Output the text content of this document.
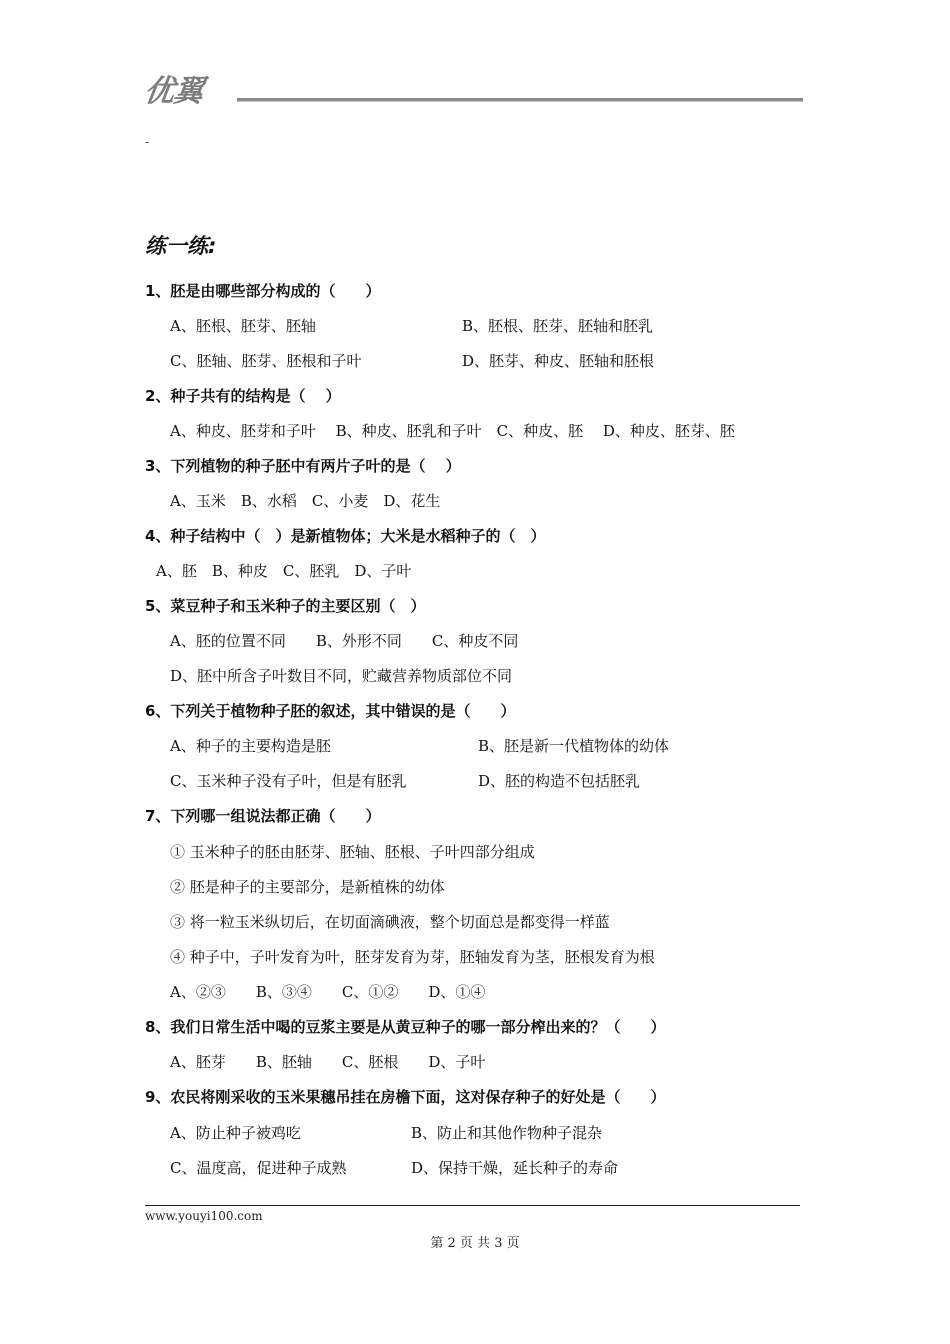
优翼
-
练一练:
1、胚是由哪些部分构成的（　　）
A、胚根、胚芽、胚轴	B、胚根、胚芽、胚轴和胚乳
C、胚轴、胚芽、胚根和子叶	D、胚芽、种皮、胚轴和胚根
2、种子共有的结构是（　 ）
A、种皮、胚芽和子叶　 B、种皮、胚乳和子叶　C、种皮、胚　 D、种皮、胚芽、胚
3、下列植物的种子胚中有两片子叶的是（　 ）
A、玉米　B、水稻　C、小麦　D、花生
4、种子结构中（　）是新植物体；大米是水稻种子的（　）
A、胚　B、种皮　C、胚乳　D、子叶
5、菜豆种子和玉米种子的主要区别（　）
A、胚的位置不同　　B、外形不同　　C、种皮不同
D、胚中所含子叶数目不同，贮藏营养物质部位不同
6、下列关于植物种子胚的叙述，其中错误的是（　　）
A、种子的主要构造是胚	B、胚是新一代植物体的幼体
C、玉米种子没有子叶，但是有胚乳	D、胚的构造不包括胚乳
7、下列哪一组说法都正确（　　）
① 玉米种子的胚由胚芽、胚轴、胚根、子叶四部分组成
② 胚是种子的主要部分，是新植株的幼体
③ 将一粒玉米纵切后，在切面滴碘液，整个切面总是都变得一样蓝
④ 种子中，子叶发育为叶，胚芽发育为芽，胚轴发育为茎，胚根发育为根
A、②③　　B、③④　　C、①②　　D、①④
8、我们日常生活中喝的豆浆主要是从黄豆种子的哪一部分榨出来的？（　　）
A、胚芽　　B、胚轴　　C、胚根　　D、子叶
9、农民将刚采收的玉米果穗吊挂在房檐下面，这对保存种子的好处是（　　）
A、防止种子被鸡吃	B、防止和其他作物种子混杂
C、温度高，促进种子成熟	D、保持干燥，延长种子的寿命
www.youyi100.com
第 2 页 共 3 页
